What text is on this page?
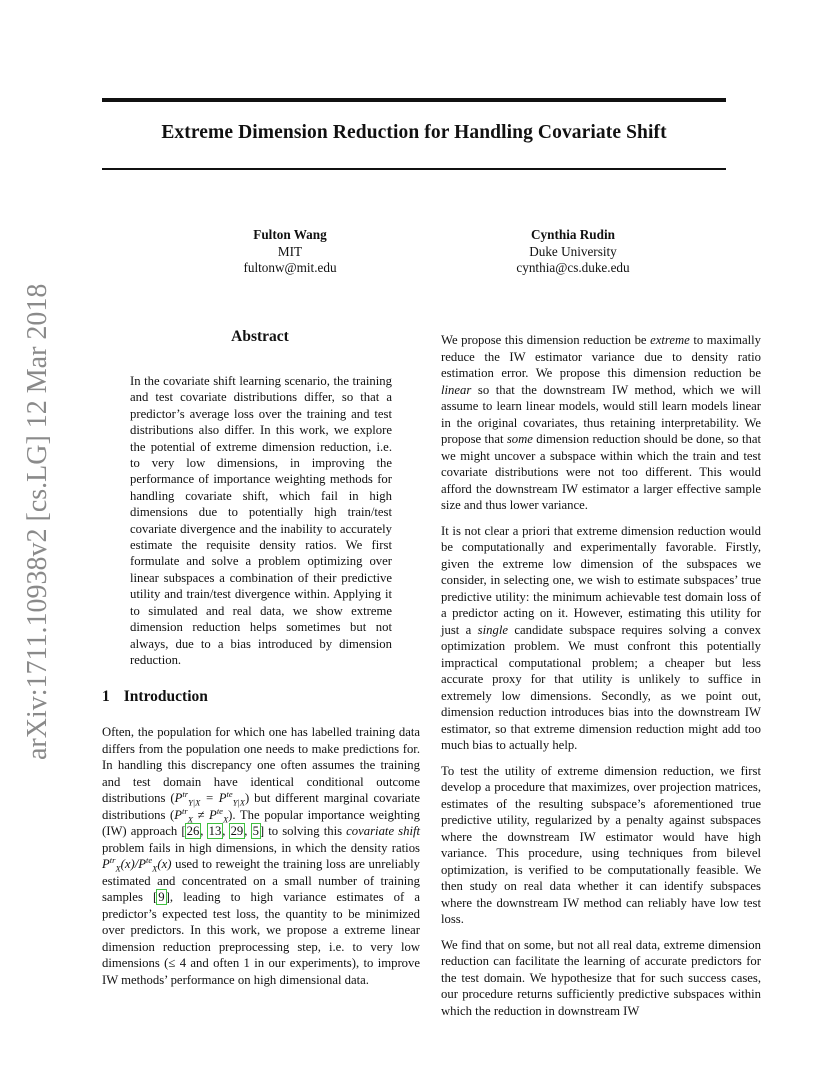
arXiv:1711.10938v2 [cs.LG] 12 Mar 2018
Extreme Dimension Reduction for Handling Covariate Shift
Fulton Wang
MIT
fultonw@mit.edu
Cynthia Rudin
Duke University
cynthia@cs.duke.edu
Abstract

In the covariate shift learning scenario, the training and test covariate distributions differ, so that a predictor’s average loss over the training and test distributions also differ. In this work, we explore the potential of extreme dimension reduction, i.e. to very low dimensions, in improving the performance of importance weighting methods for handling covariate shift, which fail in high dimensions due to potentially high train/test covariate divergence and the inability to accurately estimate the requisite density ratios. We first formulate and solve a problem optimizing over linear subspaces a combination of their predictive utility and train/test divergence within. Applying it to simulated and real data, we show extreme dimension reduction helps sometimes but not always, due to a bias introduced by dimension reduction.

1 Introduction

Often, the population for which one has labelled training data differs from the population one needs to make predictions for. In handling this discrepancy one often assumes the training and test domain have identical conditional outcome distributions $(P^{tr}_{Y|X} = P^{te}_{Y|X})$ but different marginal covariate distributions $(P^{tr}_X \ne P^{te}_X)$. The popular importance weighting (IW) approach [26, 13, 29, 5] to solving this covariate shift problem fails in high dimensions, in which the density ratios $P^{tr}_X(x)/P^{te}_X(x)$ used to reweight the training loss are unreliably estimated and concentrated on a small number of training samples [9], leading to high variance estimates of a predictor’s expected test loss, the quantity to be minimized over predictors. In this work, we propose a extreme linear dimension reduction preprocessing step, i.e. to very low dimensions (≤ 4 and often 1 in our experiments), to improve IW methods’ performance on high dimensional data.

We propose this dimension reduction be extreme to maximally reduce the IW estimator variance due to density ratio estimation error. We propose this dimension reduction be linear so that the downstream IW method, which we will assume to learn linear models, would still learn models linear in the original covariates, thus retaining interpretability. We propose that some dimension reduction should be done, so that we might uncover a subspace within which the train and test covariate distributions were not too different. This would afford the downstream IW estimator a larger effective sample size and thus lower variance.

It is not clear a priori that extreme dimension reduction would be computationally and experimentally favorable. Firstly, given the extreme low dimension of the subspaces we consider, in selecting one, we wish to estimate subspaces’ true predictive utility: the minimum achievable test domain loss of a predictor acting on it. However, estimating this utility for just a single candidate subspace requires solving a convex optimization problem. We must confront this potentially impractical computational problem; a cheaper but less accurate proxy for that utility is unlikely to suffice in extremely low dimensions. Secondly, as we point out, dimension reduction introduces bias into the downstream IW estimator, so that extreme dimension reduction might add too much bias to actually help.

To test the utility of extreme dimension reduction, we first develop a procedure that maximizes, over projection matrices, estimates of the resulting subspace’s aforementioned true predictive utility, regularized by a penalty against subspaces where the downstream IW estimator would have high variance. This procedure, using techniques from bilevel optimization, is verified to be computationally feasible. We then study on real data whether it can identify subspaces where the downstream IW method can reliably have low test loss.

We find that on some, but not all real data, extreme dimension reduction can facilitate the learning of accurate predictors for the test domain. We hypothesize that for such success cases, our procedure returns sufficiently predictive subspaces within which the reduction in downstream IW
